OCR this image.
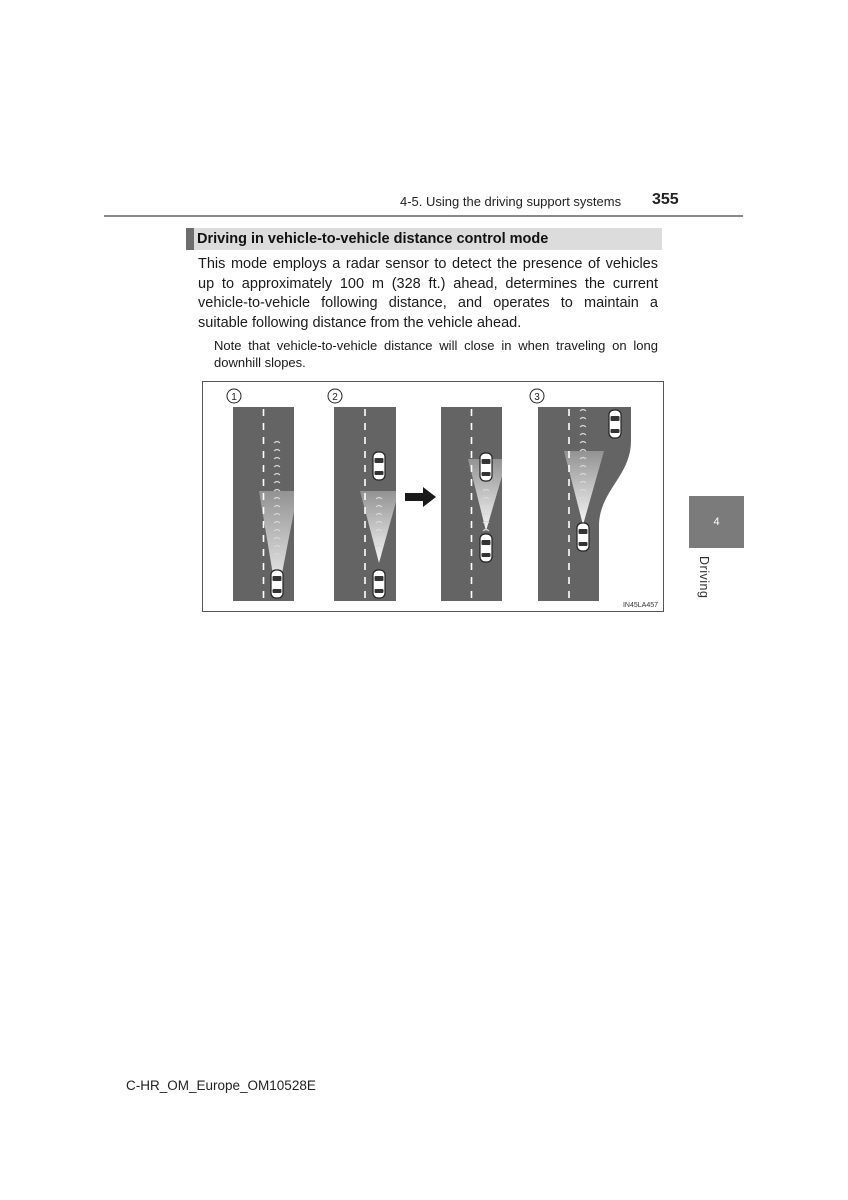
4-5. Using the driving support systems 355
Driving in vehicle-to-vehicle distance control mode

This mode employs a radar sensor to detect the presence of vehicles up to approximately 100 m (328 ft.) ahead, determines the current vehicle-to-vehicle following distance, and operates to maintain a suitable following distance from the vehicle ahead.

Note that vehicle-to-vehicle distance will close in when traveling on long downhill slopes.

1	2	3
IN45LA457
4
Driving
C-HR_OM_Europe_OM10528E
